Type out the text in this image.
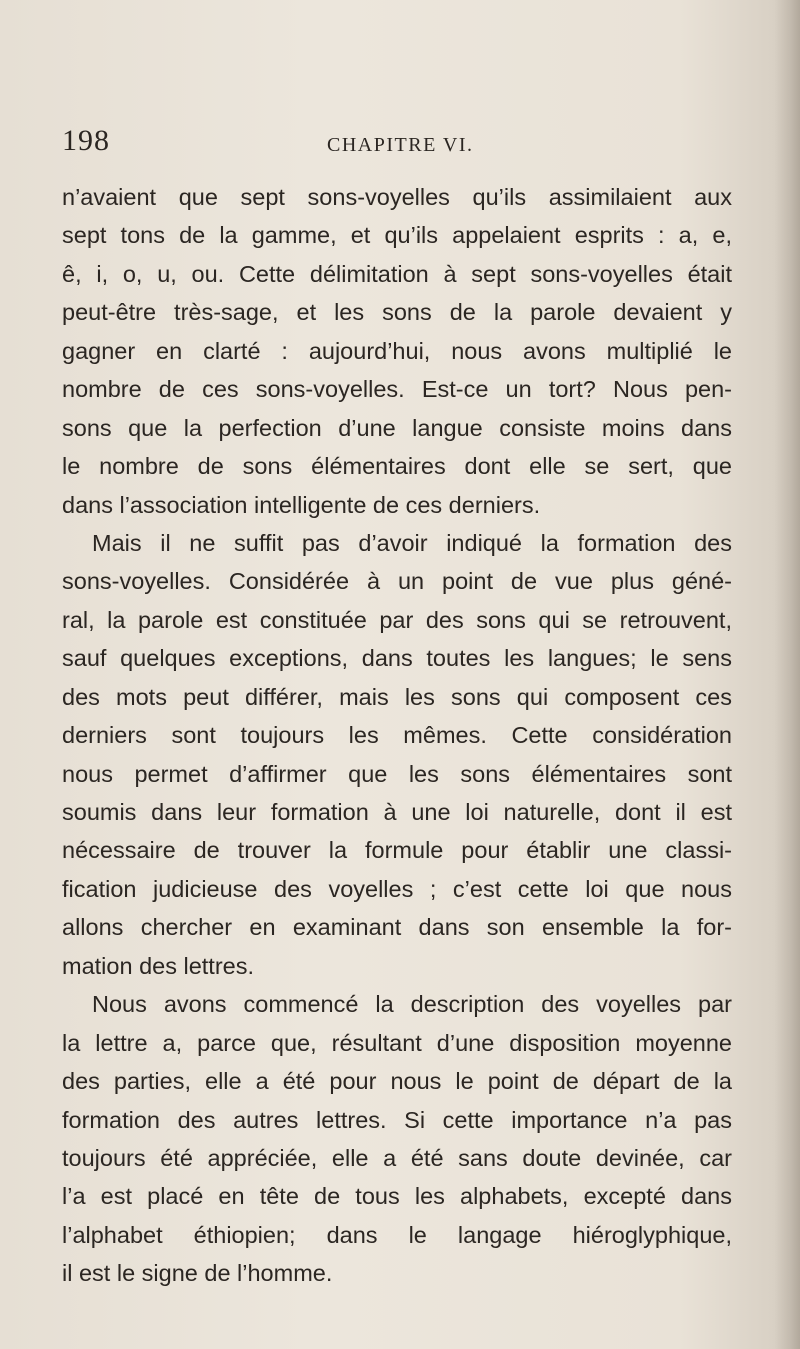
198	CHAPITRE VI.
n’avaient que sept sons-voyelles qu’ils assimilaient aux
sept tons de la gamme, et qu’ils appelaient esprits : a, e,
ê, i, o, u, ou. Cette délimitation à sept sons-voyelles était
peut-être très-sage, et les sons de la parole devaient y
gagner en clarté : aujourd’hui, nous avons multiplié le
nombre de ces sons-voyelles. Est-ce un tort? Nous pen-
sons que la perfection d’une langue consiste moins dans
le nombre de sons élémentaires dont elle se sert, que
dans l’association intelligente de ces derniers.
Mais il ne suffit pas d’avoir indiqué la formation des
sons-voyelles. Considérée à un point de vue plus géné-
ral, la parole est constituée par des sons qui se retrouvent,
sauf quelques exceptions, dans toutes les langues; le sens
des mots peut différer, mais les sons qui composent ces
derniers sont toujours les mêmes. Cette considération
nous permet d’affirmer que les sons élémentaires sont
soumis dans leur formation à une loi naturelle, dont il est
nécessaire de trouver la formule pour établir une classi-
fication judicieuse des voyelles ; c’est cette loi que nous
allons chercher en examinant dans son ensemble la for-
mation des lettres.
Nous avons commencé la description des voyelles par
la lettre a, parce que, résultant d’une disposition moyenne
des parties, elle a été pour nous le point de départ de la
formation des autres lettres. Si cette importance n’a pas
toujours été appréciée, elle a été sans doute devinée, car
l’a est placé en tête de tous les alphabets, excepté dans
l’alphabet éthiopien; dans le langage hiéroglyphique,
il est le signe de l’homme.
